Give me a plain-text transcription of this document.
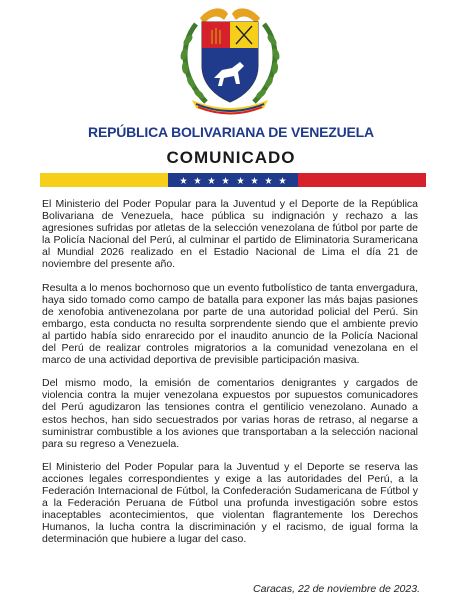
REPÚBLICA BOLIVARIANA DE VENEZUELA
COMUNICADO

El Ministerio del Poder Popular para la Juventud y el Deporte de la República Bolivariana de Venezuela, hace pública su indignación y rechazo a las agresiones sufridas por atletas de la selección venezolana de fútbol por parte de la Policía Nacional del Perú, al culminar el partido de Eliminatoria Suramericana al Mundial 2026 realizado en el Estadio Nacional de Lima el día 21 de noviembre del presente año.

Resulta a lo menos bochornoso que un evento futbolístico de tanta envergadura, haya sido tomado como campo de batalla para exponer las más bajas pasiones de xenofobia antivenezolana por parte de una autoridad policial del Perú. Sin embargo, esta conducta no resulta sorprendente siendo que el ambiente previo al partido había sido enrarecido por el inaudito anuncio de la Policía Nacional del Perú de realizar controles migratorios a la comunidad venezolana en el marco de una actividad deportiva de previsible participación masiva.

Del mismo modo, la emisión de comentarios denigrantes y cargados de violencia contra la mujer venezolana expuestos por supuestos comunicadores del Perú agudizaron las tensiones contra el gentilicio venezolano. Aunado a estos hechos, han sido secuestrados por varias horas de retraso, al negarse a suministrar combustible a los aviones que transportaban a la selección nacional para su regreso a Venezuela.

El Ministerio del Poder Popular para la Juventud y el Deporte se reserva las acciones legales correspondientes y exige a las autoridades del Perú, a la Federación Internacional de Fútbol, la Confederación Sudamericana de Fútbol y a la Federación Peruana de Fútbol una profunda investigación sobre estos inaceptables acontecimientos, que violentan flagrantemente los Derechos Humanos, la lucha contra la discriminación y el racismo, de igual forma la determinación que hubiere a lugar del caso.

Caracas, 22 de noviembre de 2023.
